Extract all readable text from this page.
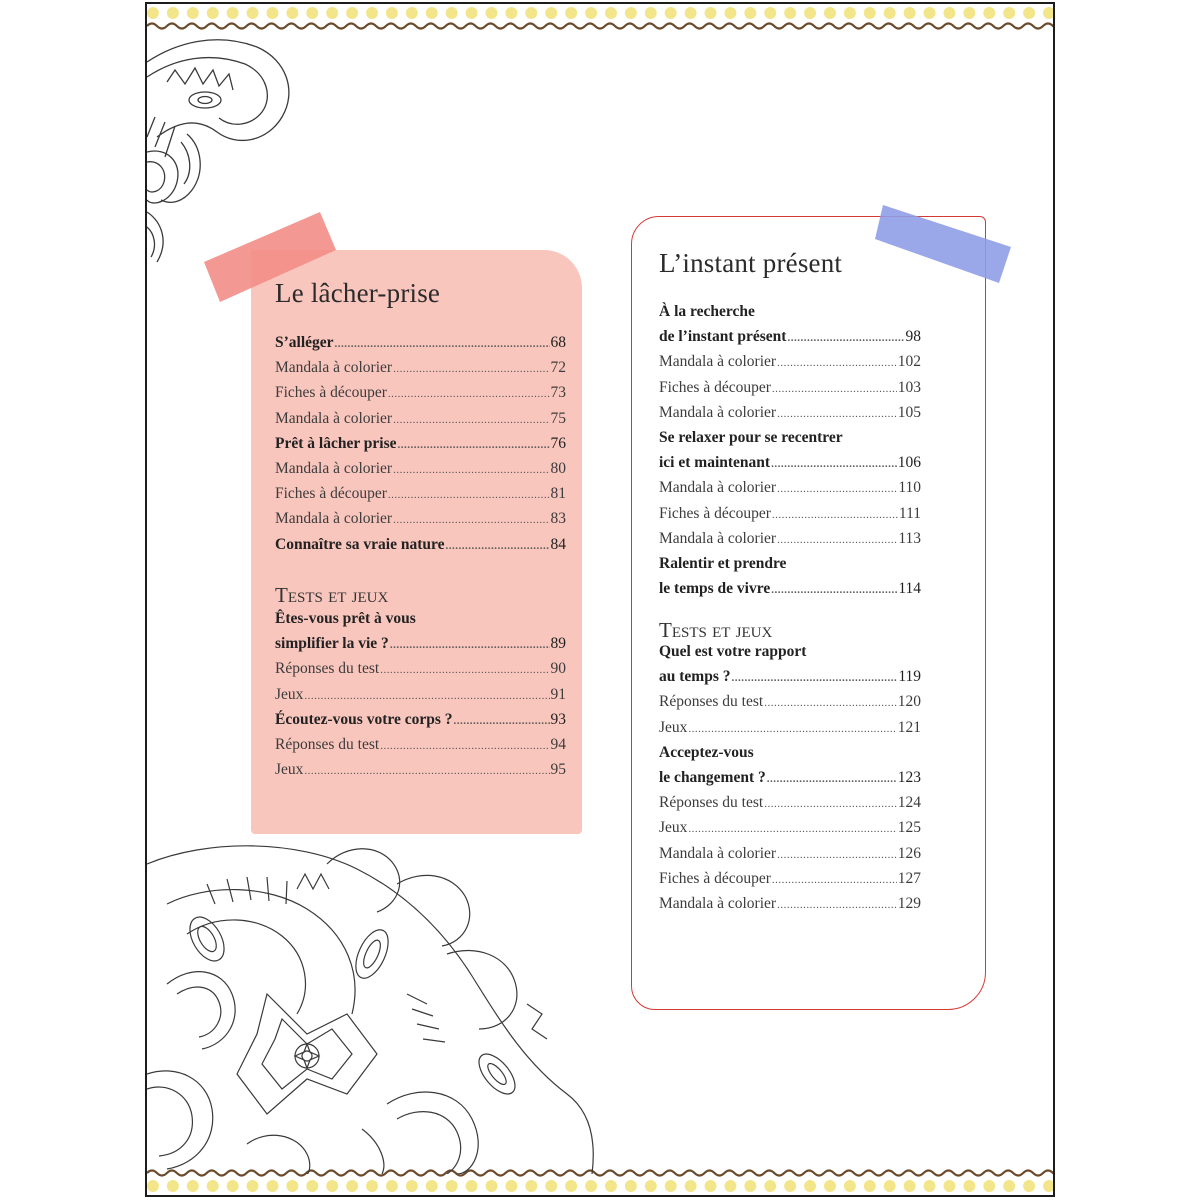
Le lâcher-prise
S’alléger .....	68
Mandala à colorier .....	72
Fiches à découper .....	73
Mandala à colorier .....	75
Prêt à lâcher prise .....	76
Mandala à colorier .....	80
Fiches à découper .....	81
Mandala à colorier .....	83
Connaître sa vraie nature .....	84
Tests et jeux
Êtes-vous prêt à vous
simplifier la vie ? .....	89
Réponses du test .....	90
Jeux .....	91
Écoutez-vous votre corps ? .....	93
Réponses du test .....	94
Jeux .....	95
L’instant présent
À la recherche
de l’instant présent .....	98
Mandala à colorier .....	102
Fiches à découper .....	103
Mandala à colorier .....	105
Se relaxer pour se recentrer
ici et maintenant .....	106
Mandala à colorier .....	110
Fiches à découper .....	111
Mandala à colorier .....	113
Ralentir et prendre
le temps de vivre .....	114
Tests et jeux
Quel est votre rapport
au temps ? .....	119
Réponses du test .....	120
Jeux .....	121
Acceptez-vous
le changement ? .....	123
Réponses du test .....	124
Jeux .....	125
Mandala à colorier .....	126
Fiches à découper .....	127
Mandala à colorier .....	129
